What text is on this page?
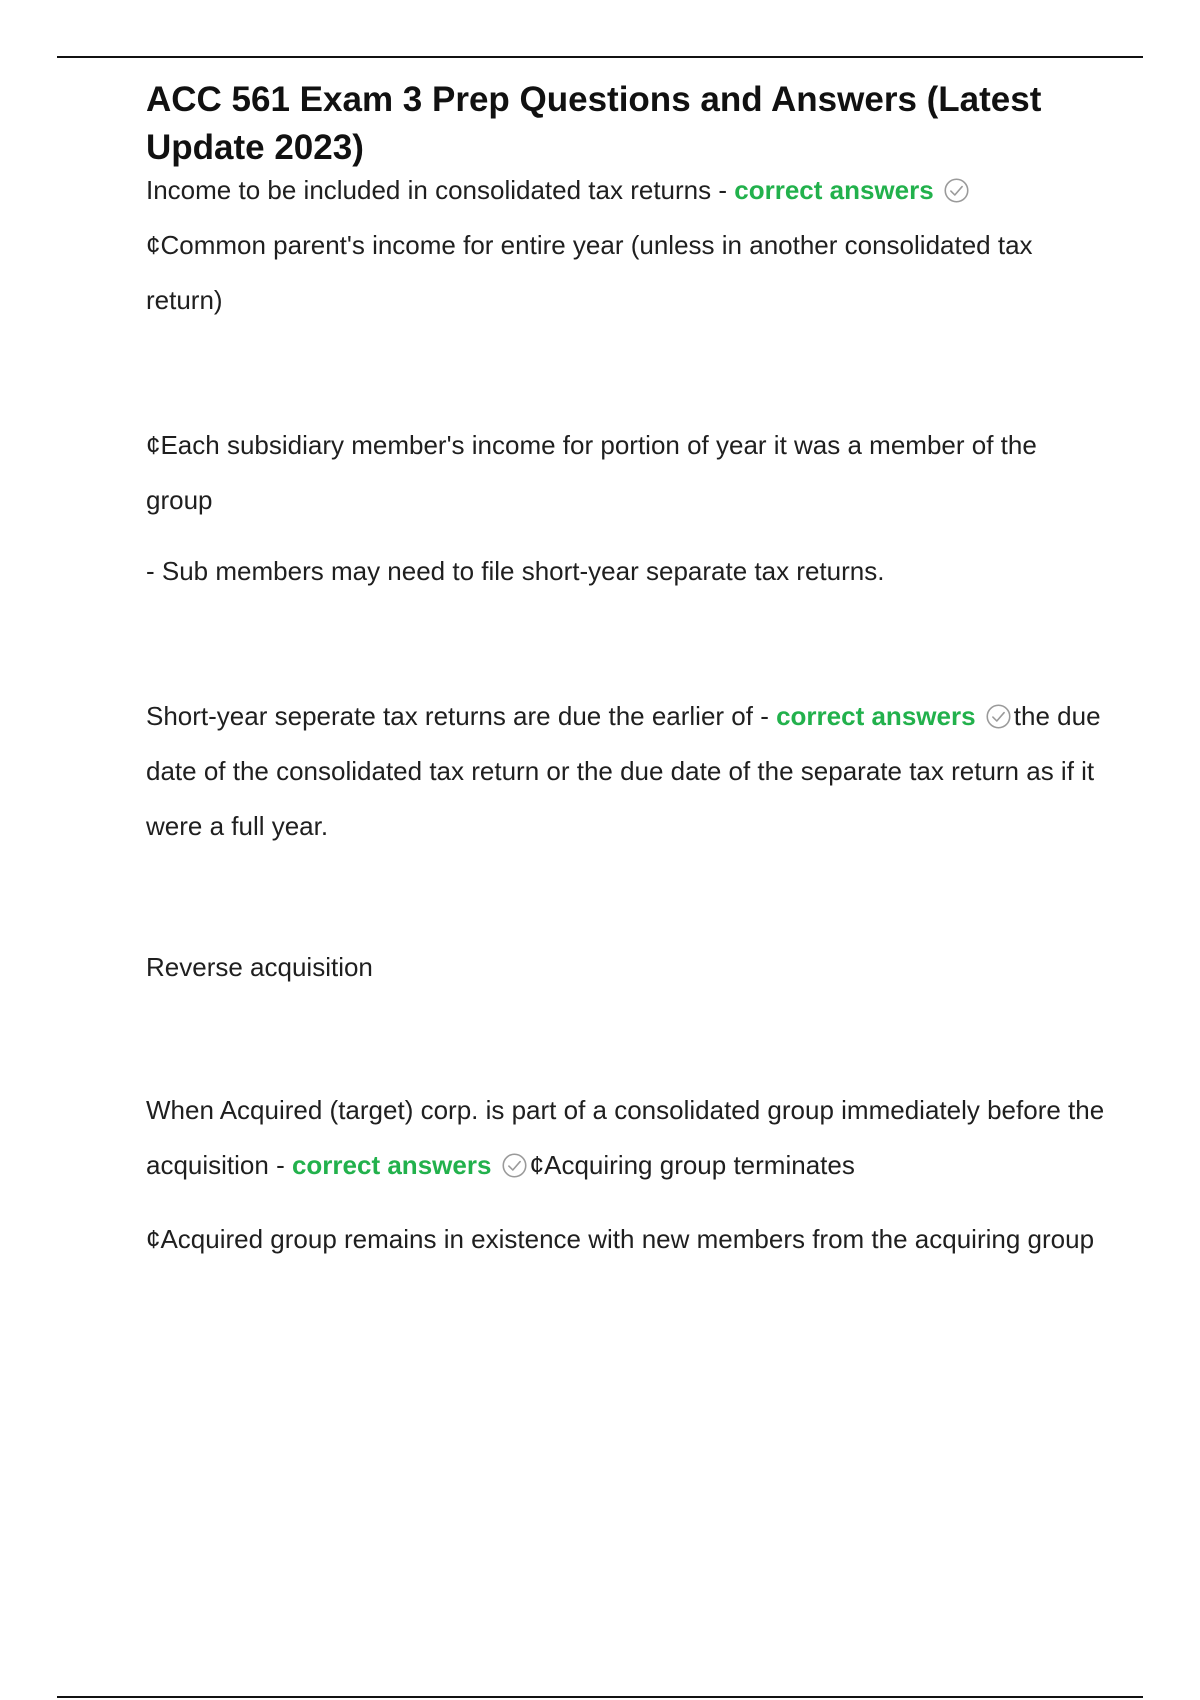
ACC 561 Exam 3 Prep Questions and Answers (Latest Update 2023)

Income to be included in consolidated tax returns - correct answers

¢Common parent's income for entire year (unless in another consolidated tax return)

¢Each subsidiary member's income for portion of year it was a member of the group

- Sub members may need to file short-year separate tax returns.

Short-year seperate tax returns are due the earlier of - correct answers the due date of the consolidated tax return or the due date of the separate tax return as if it were a full year.

Reverse acquisition

When Acquired (target) corp. is part of a consolidated group immediately before the acquisition - correct answers ¢Acquiring group terminates

¢Acquired group remains in existence with new members from the acquiring group
